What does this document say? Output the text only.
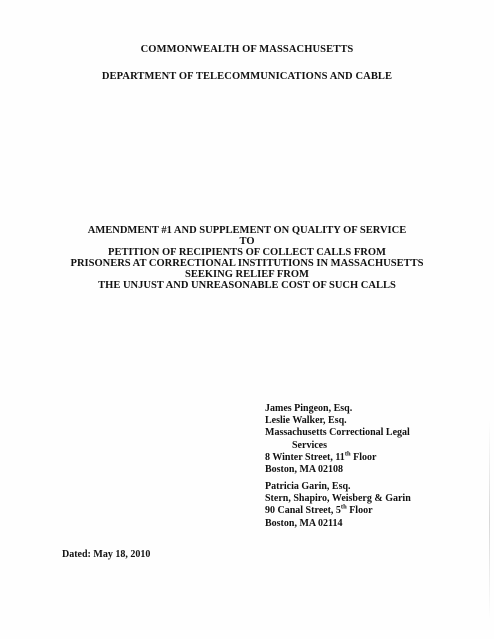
COMMONWEALTH OF MASSACHUSETTS
DEPARTMENT OF TELECOMMUNICATIONS AND CABLE
AMENDMENT #1 AND SUPPLEMENT ON QUALITY OF SERVICE
TO
PETITION OF RECIPIENTS OF COLLECT CALLS FROM
PRISONERS AT CORRECTIONAL INSTITUTIONS IN MASSACHUSETTS
SEEKING RELIEF FROM
THE UNJUST AND UNREASONABLE COST OF SUCH CALLS
James Pingeon, Esq.
Leslie Walker, Esq.
Massachusetts Correctional Legal
Services
8 Winter Street, 11th Floor
Boston, MA 02108
Patricia Garin, Esq.
Stern, Shapiro, Weisberg & Garin
90 Canal Street, 5th Floor
Boston, MA 02114
Dated: May 18, 2010
